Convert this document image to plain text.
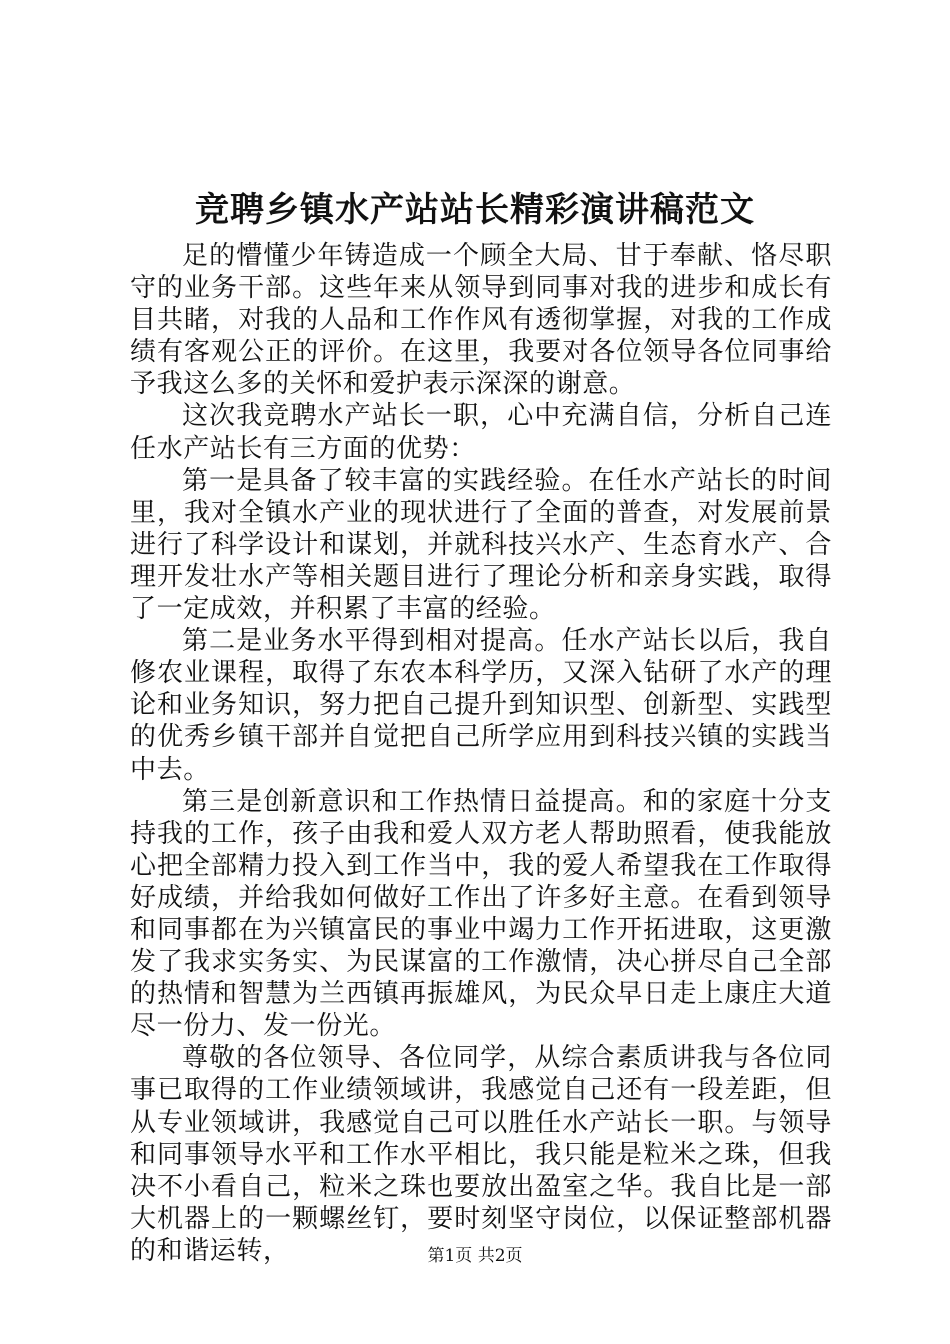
竞聘乡镇水产站站长精彩演讲稿范文

足的懵懂少年铸造成一个顾全大局、甘于奉献、恪尽职守的业务干部。这些年来从领导到同事对我的进步和成长有目共睹，对我的人品和工作作风有透彻掌握，对我的工作成绩有客观公正的评价。在这里，我要对各位领导各位同事给予我这么多的关怀和爱护表示深深的谢意。

这次我竞聘水产站长一职，心中充满自信，分析自己连任水产站长有三方面的优势：

第一是具备了较丰富的实践经验。在任水产站长的时间里，我对全镇水产业的现状进行了全面的普查，对发展前景进行了科学设计和谋划，并就科技兴水产、生态育水产、合理开发壮水产等相关题目进行了理论分析和亲身实践，取得了一定成效，并积累了丰富的经验。

第二是业务水平得到相对提高。任水产站长以后，我自修农业课程，取得了东农本科学历，又深入钻研了水产的理论和业务知识，努力把自己提升到知识型、创新型、实践型的优秀乡镇干部并自觉把自己所学应用到科技兴镇的实践当中去。

第三是创新意识和工作热情日益提高。和的家庭十分支持我的工作，孩子由我和爱人双方老人帮助照看，使我能放心把全部精力投入到工作当中，我的爱人希望我在工作取得好成绩，并给我如何做好工作出了许多好主意。在看到领导和同事都在为兴镇富民的事业中竭力工作开拓进取，这更激发了我求实务实、为民谋富的工作激情，决心拼尽自己全部的热情和智慧为兰西镇再振雄风，为民众早日走上康庄大道尽一份力、发一份光。

尊敬的各位领导、各位同学，从综合素质讲我与各位同事已取得的工作业绩领域讲，我感觉自己还有一段差距，但从专业领域讲，我感觉自己可以胜任水产站长一职。与领导和同事领导水平和工作水平相比，我只能是粒米之珠，但我决不小看自己，粒米之珠也要放出盈室之华。我自比是一部大机器上的一颗螺丝钉，要时刻坚守岗位，以保证整部机器的和谐运转，	第1页 共2页
